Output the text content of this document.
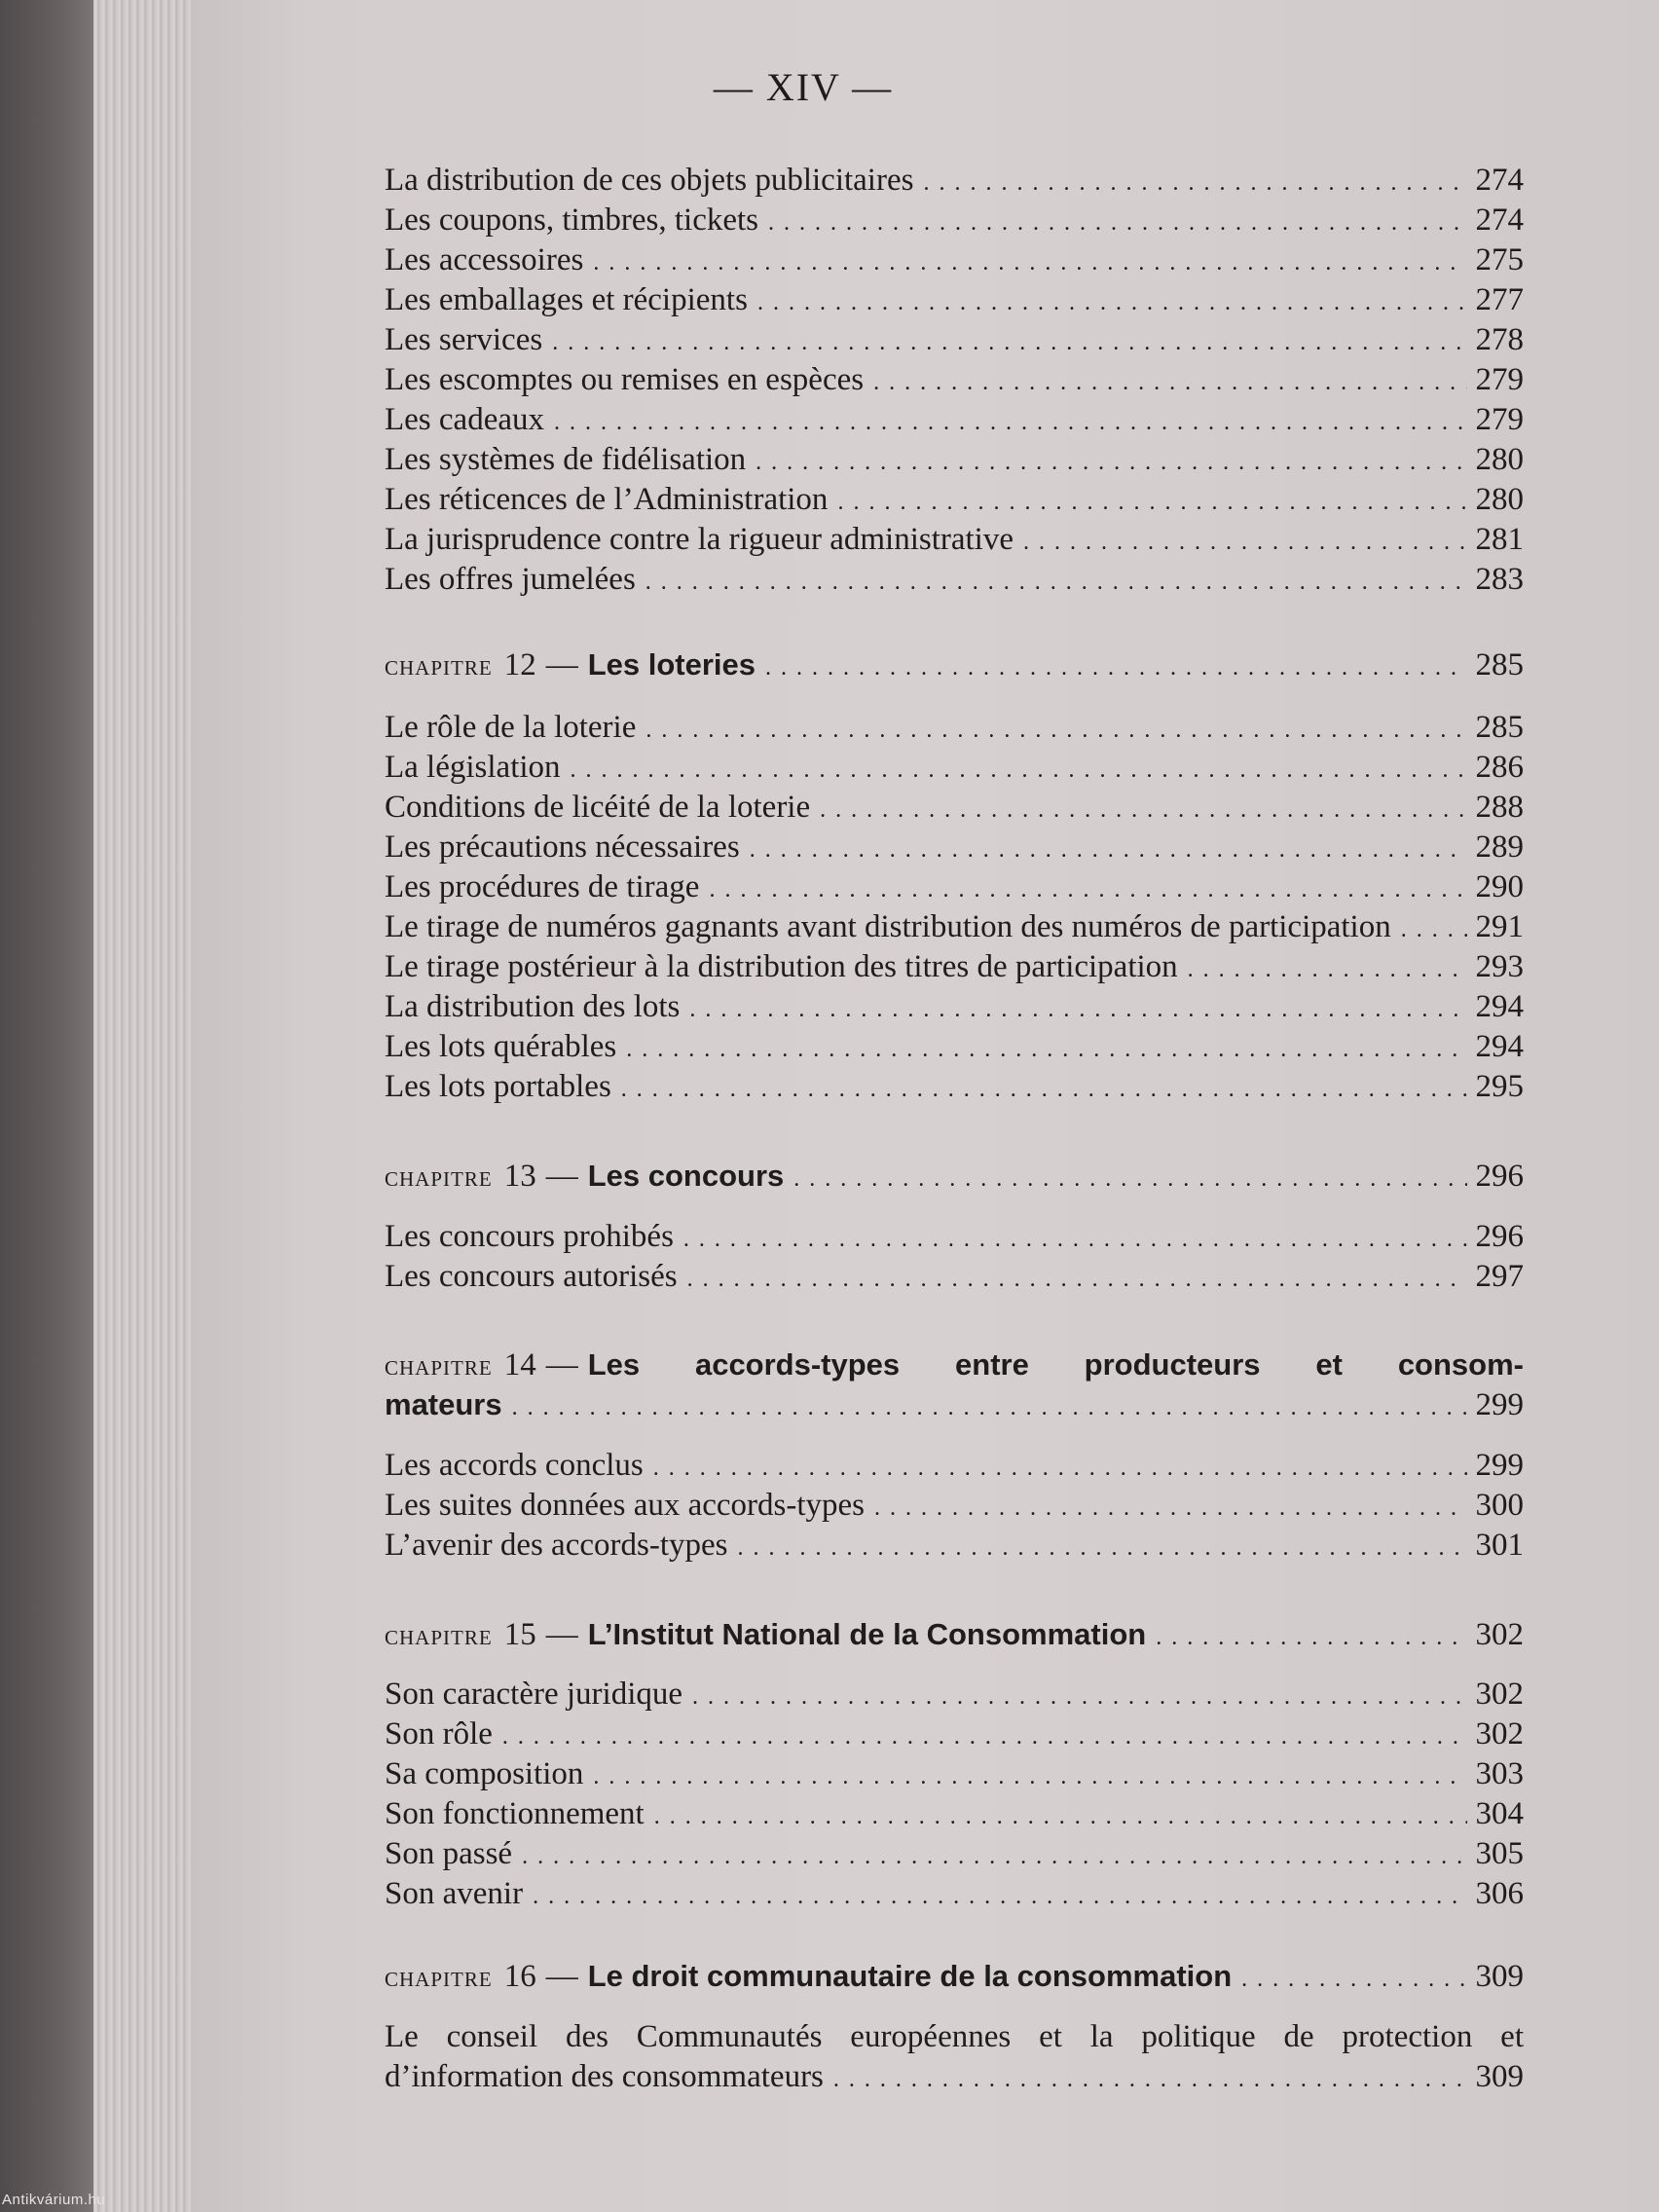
— XIV —
La distribution de ces objets publicitaires . . .	274
Les coupons, timbres, tickets . . .	274
Les accessoires . . .	275
Les emballages et récipients . . .	277
Les services . . .	278
Les escomptes ou remises en espèces . . .	279
Les cadeaux . . .	279
Les systèmes de fidélisation . . .	280
Les réticences de l’Administration . . .	280
La jurisprudence contre la rigueur administrative . . .	281
Les offres jumelées . . .	283
chapitre 12 — Les loteries . . .	285
Le rôle de la loterie . . .	285
La législation . . .	286
Conditions de licéité de la loterie . . .	288
Les précautions nécessaires . . .	289
Les procédures de tirage . . .	290
Le tirage de numéros gagnants avant distribution des numéros de participation . . .	291
Le tirage postérieur à la distribution des titres de participation . . .	293
La distribution des lots . . .	294
Les lots quérables . . .	294
Les lots portables . . .	295
chapitre 13 — Les concours . . .	296
Les concours prohibés . . .	296
Les concours autorisés . . .	297
chapitre 14 — Les accords-types entre producteurs et consom-
mateurs . . .	299
Les accords conclus . . .	299
Les suites données aux accords-types . . .	300
L’avenir des accords-types . . .	301
chapitre 15 — L’Institut National de la Consommation . . .	302
Son caractère juridique . . .	302
Son rôle . . .	302
Sa composition . . .	303
Son fonctionnement . . .	304
Son passé . . .	305
Son avenir . . .	306
chapitre 16 — Le droit communautaire de la consommation . . .	309
Le conseil des Communautés européennes et la politique de protection et
d’information des consommateurs . . .	309
Antikvárium.hu
